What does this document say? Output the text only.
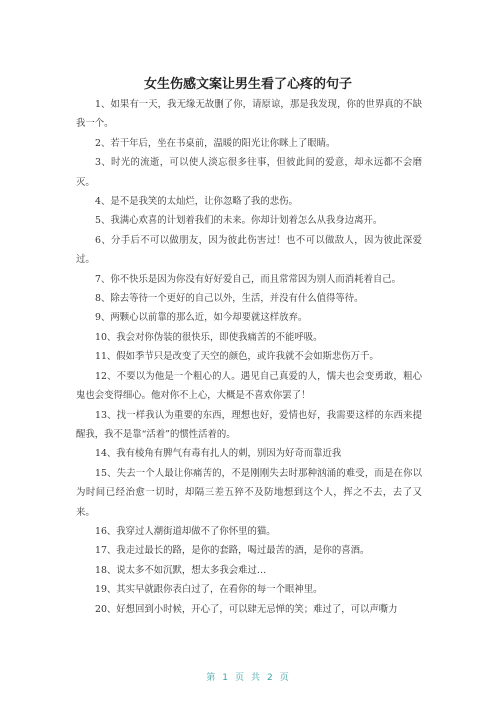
女生伤感文案让男生看了心疼的句子
1、如果有一天，我无缘无故删了你，请原谅，那是我发现，你的世界真的不缺我一个。
2、若干年后，坐在书桌前，温暖的阳光让你眯上了眼睛。
3、时光的流逝，可以使人淡忘很多往事，但彼此间的爱意，却永远都不会磨灭。
4、是不是我笑的太灿烂，让你忽略了我的悲伤。
5、我满心欢喜的计划着我们的未来。你却计划着怎么从我身边离开。
6、分手后不可以做朋友，因为彼此伤害过！也不可以做敌人，因为彼此深爱过。
7、你不快乐是因为你没有好好爱自己，而且常常因为别人而消耗着自己。
8、除去等待一个更好的自己以外，生活，并没有什么值得等待。
9、两颗心以前靠的那么近，如今却要就这样放弃。
10、我会对你伪装的很快乐，即使我痛苦的不能呼吸。
11、假如季节只是改变了天空的颜色，或许我就不会如斯悲伤万千。
12、不要以为他是一个粗心的人。遇见自己真爱的人，懦夫也会变勇敢，粗心鬼也会变得细心。他对你不上心，大概是不喜欢你罢了！
13、找一样我认为重要的东西，理想也好，爱情也好，我需要这样的东西来提醒我，我不是靠“活着”的惯性活着的。
14、我有棱角有脾气有毒有扎人的刺，别因为好奇而靠近我
15、失去一个人最让你痛苦的，不是刚刚失去时那种汹涌的难受，而是在你以为时间已经治愈一切时，却隔三差五猝不及防地想到这个人，挥之不去，去了又来。
16、我穿过人潮街道却做不了你怀里的猫。
17、我走过最长的路，是你的套路，喝过最苦的酒，是你的喜酒。
18、说太多不如沉默，想太多我会难过…
19、其实早就跟你表白过了，在看你的每一个眼神里。
20、好想回到小时候，开心了，可以肆无忌惮的笑；难过了，可以声嘶力
第 1 页 共 2 页
